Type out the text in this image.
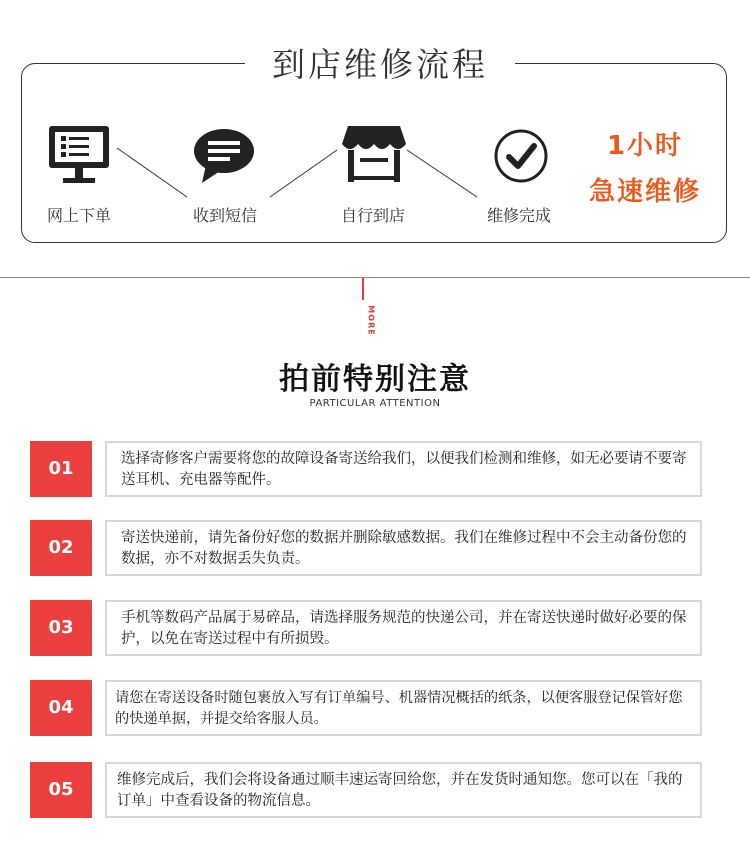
到店维修流程
网上下单	收到短信	自行到店	维修完成
1小时
急速维修
MORE
拍前特别注意
PARTICULAR ATTENTION
01	选择寄修客户需要将您的故障设备寄送给我们，以便我们检测和维修，如无必要请不要寄送耳机、充电器等配件。
02	寄送快递前，请先备份好您的数据并删除敏感数据。我们在维修过程中不会主动备份您的数据，亦不对数据丢失负责。
03	手机等数码产品属于易碎品，请选择服务规范的快递公司，并在寄送快递时做好必要的保护，以免在寄送过程中有所损毁。
04	请您在寄送设备时随包裹放入写有订单编号、机器情况概括的纸条，以便客服登记保管好您的快递单据，并提交给客服人员。
05	维修完成后，我们会将设备通过顺丰速运寄回给您，并在发货时通知您。您可以在「我的订单」中查看设备的物流信息。
